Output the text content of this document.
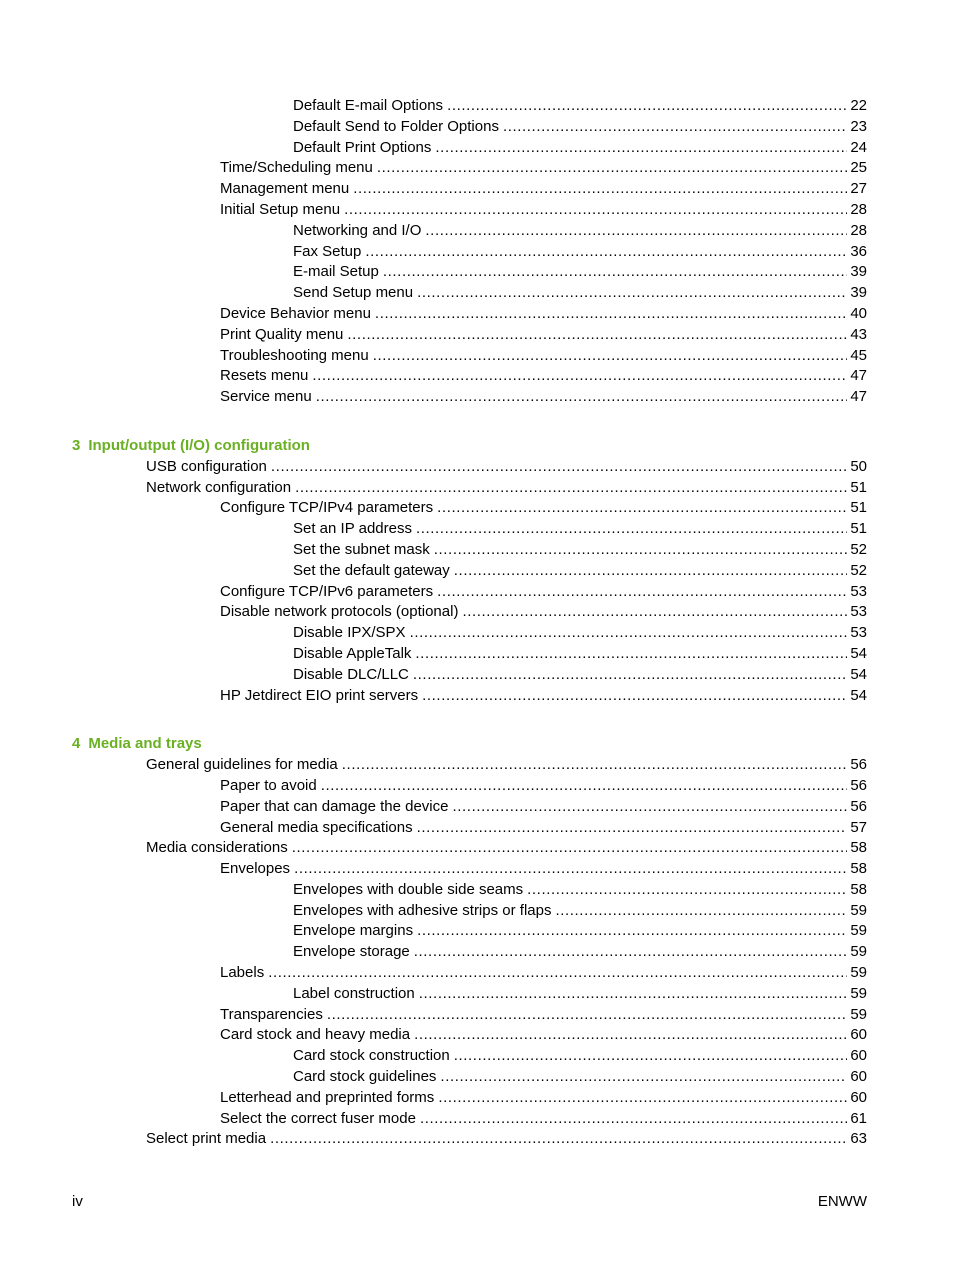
Default E-mail Options .....	22
Default Send to Folder Options .....	23
Default Print Options .....	24
Time/Scheduling menu .....	25
Management menu .....	27
Initial Setup menu .....	28
Networking and I/O .....	28
Fax Setup .....	36
E-mail Setup .....	39
Send Setup menu .....	39
Device Behavior menu .....	40
Print Quality menu .....	43
Troubleshooting menu .....	45
Resets menu .....	47
Service menu .....	47
3 Input/output (I/O) configuration
USB configuration .....	50
Network configuration .....	51
Configure TCP/IPv4 parameters .....	51
Set an IP address .....	51
Set the subnet mask .....	52
Set the default gateway .....	52
Configure TCP/IPv6 parameters .....	53
Disable network protocols (optional) .....	53
Disable IPX/SPX .....	53
Disable AppleTalk .....	54
Disable DLC/LLC .....	54
HP Jetdirect EIO print servers .....	54
4 Media and trays
General guidelines for media .....	56
Paper to avoid .....	56
Paper that can damage the device .....	56
General media specifications .....	57
Media considerations .....	58
Envelopes .....	58
Envelopes with double side seams .....	58
Envelopes with adhesive strips or flaps .....	59
Envelope margins .....	59
Envelope storage .....	59
Labels .....	59
Label construction .....	59
Transparencies .....	59
Card stock and heavy media .....	60
Card stock construction .....	60
Card stock guidelines .....	60
Letterhead and preprinted forms .....	60
Select the correct fuser mode .....	61
Select print media .....	63
iv	ENWW
